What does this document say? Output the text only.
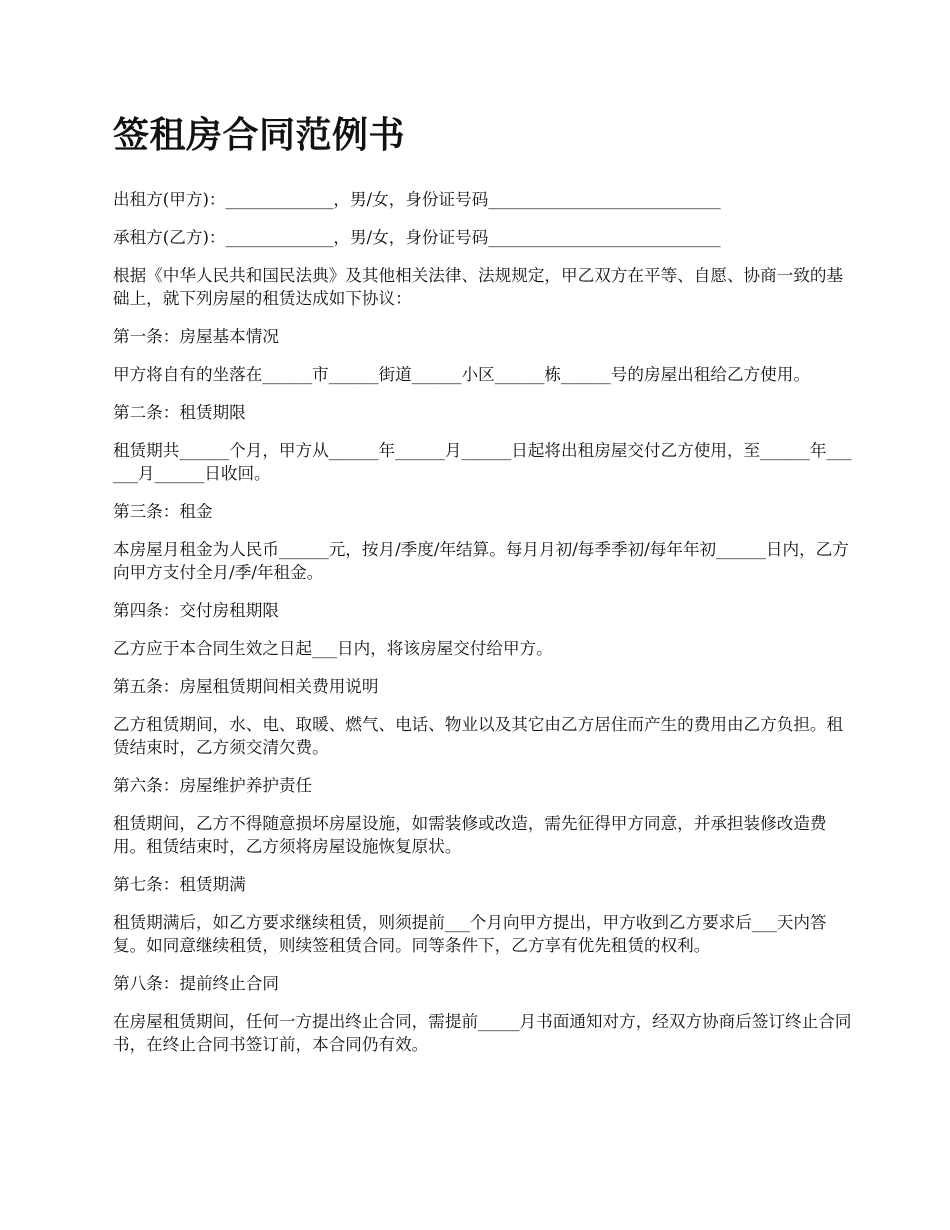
签租房合同范例书

出租方(甲方)：_____________，男/女，身份证号码____________________________

承租方(乙方)：_____________，男/女，身份证号码____________________________

根据《中华人民共和国民法典》及其他相关法律、法规规定，甲乙双方在平等、自愿、协商一致的基础上，就下列房屋的租赁达成如下协议：

第一条：房屋基本情况

甲方将自有的坐落在______市______街道______小区______栋______号的房屋出租给乙方使用。

第二条：租赁期限

租赁期共______个月，甲方从______年______月______日起将出租房屋交付乙方使用，至______年______月______日收回。

第三条：租金

本房屋月租金为人民币______元，按月/季度/年结算。每月月初/每季季初/每年年初______日内，乙方向甲方支付全月/季/年租金。

第四条：交付房租期限

乙方应于本合同生效之日起___日内，将该房屋交付给甲方。

第五条：房屋租赁期间相关费用说明

乙方租赁期间，水、电、取暖、燃气、电话、物业以及其它由乙方居住而产生的费用由乙方负担。租赁结束时，乙方须交清欠费。

第六条：房屋维护养护责任

租赁期间，乙方不得随意损坏房屋设施，如需装修或改造，需先征得甲方同意，并承担装修改造费用。租赁结束时，乙方须将房屋设施恢复原状。

第七条：租赁期满

租赁期满后，如乙方要求继续租赁，则须提前___个月向甲方提出，甲方收到乙方要求后___天内答复。如同意继续租赁，则续签租赁合同。同等条件下，乙方享有优先租赁的权利。

第八条：提前终止合同

在房屋租赁期间，任何一方提出终止合同，需提前_____月书面通知对方，经双方协商后签订终止合同书，在终止合同书签订前，本合同仍有效。
